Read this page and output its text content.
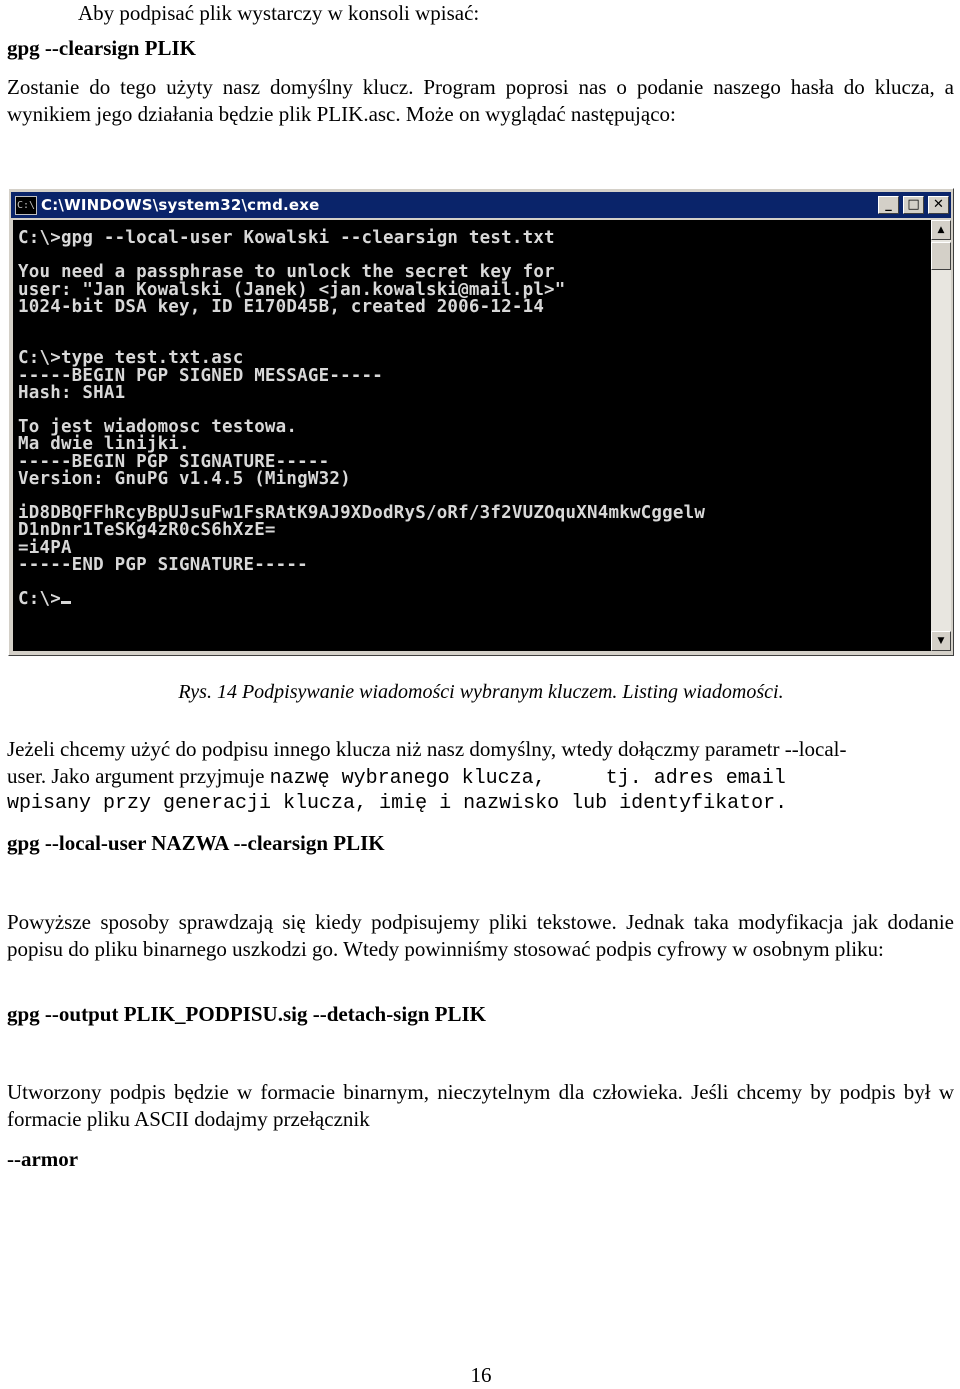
Aby podpisać plik wystarczy w konsoli wpisać:

gpg --clearsign PLIK

Zostanie do tego użyty nasz domyślny klucz. Program poprosi nas o podanie naszego hasła do klucza, a wynikiem jego działania będzie plik PLIK.asc. Może on wyglądać następująco:

C:\ C:\WINDOWS\system32\cmd.exe	_	□	✕
C:\>gpg --local-user Kowalski --clearsign test.txt

You need a passphrase to unlock the secret key for
user: "Jan Kowalski (Janek) <jan.kowalski@mail.pl>"
1024-bit DSA key, ID E170D45B, created 2006-12-14

C:\>type test.txt.asc
-----BEGIN PGP SIGNED MESSAGE-----
Hash: SHA1

To jest wiadomosc testowa.
Ma dwie linijki.
-----BEGIN PGP SIGNATURE-----
Version: GnuPG v1.4.5 (MingW32)

iD8DBQFFhRcyBpUJsuFw1FsRAtK9AJ9XDodRyS/oRf/3f2VUZOquXN4mkwCggelw
D1nDnr1TeSKg4zR0cS6hXzE=
=i4PA
-----END PGP SIGNATURE-----

C:\>
▲
▼

Rys. 14 Podpisywanie wiadomości wybranym kluczem. Listing wiadomości.

Jeżeli chcemy użyć do podpisu innego klucza niż nasz domyślny, wtedy dołączmy parametr --local-

user. Jako argument przyjmuje nazwę wybranego klucza,     tj. adres email

wpisany przy generacji klucza, imię i nazwisko lub identyfikator.

gpg --local-user NAZWA --clearsign PLIK

Powyższe sposoby sprawdzają się kiedy podpisujemy pliki tekstowe. Jednak taka modyfikacja jak dodanie popisu do pliku binarnego uszkodzi go. Wtedy powinniśmy stosować podpis cyfrowy w osobnym pliku:

gpg --output PLIK_PODPISU.sig --detach-sign PLIK

Utworzony podpis będzie w formacie binarnym, nieczytelnym dla człowieka. Jeśli chcemy by podpis był w formacie pliku ASCII dodajmy przełącznik

--armor

16
